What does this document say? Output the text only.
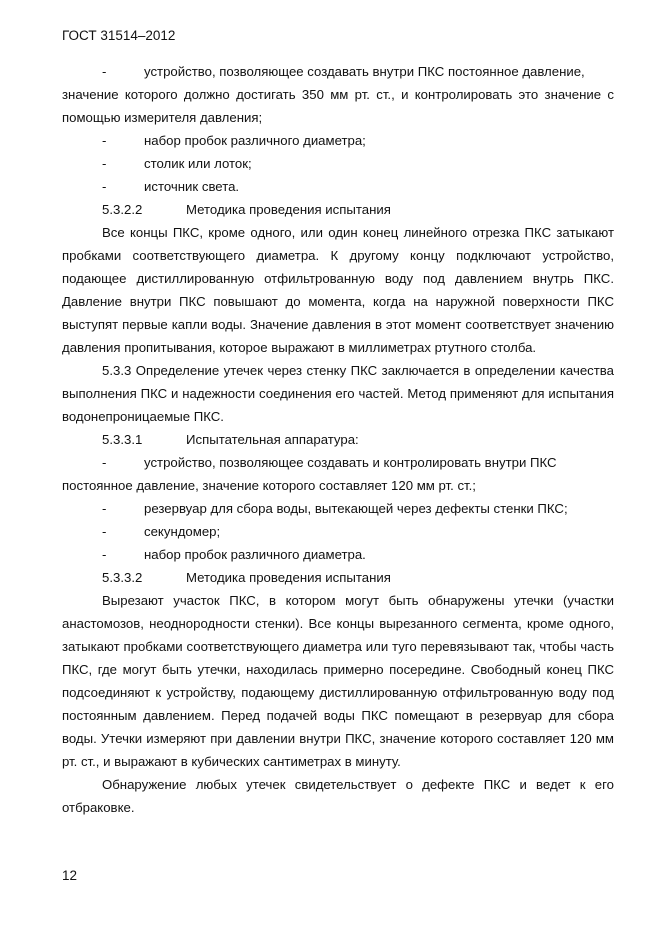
ГОСТ 31514–2012

-	устройство, позволяющее создавать внутри ПКС постоянное давление,

значение которого должно достигать 350 мм рт. ст., и контролировать это значение с помощью измерителя давления;

-	набор пробок различного диаметра;

-	столик или лоток;

-	источник света.

5.3.2.2	Методика проведения испытания

Все концы ПКС, кроме одного, или один конец линейного отрезка ПКС затыкают пробками соответствующего диаметра. К другому концу подключают устройство, подающее дистиллированную отфильтрованную воду под давлением внутрь ПКС. Давление внутри ПКС повышают до момента, когда на наружной поверхности ПКС выступят первые капли воды. Значение давления в этот момент соответствует значению давления пропитывания, которое выражают в миллиметрах ртутного столба.

5.3.3 Определение утечек через стенку ПКС заключается в определении качества выполнения ПКС и надежности соединения его частей. Метод применяют для испытания водонепроницаемые ПКС.

5.3.3.1	Испытательная аппаратура:

-	устройство, позволяющее создавать и контролировать внутри ПКС

постоянное давление, значение которого составляет 120 мм рт. ст.;

-	резервуар для сбора воды, вытекающей через дефекты стенки ПКС;

-	секундомер;

-	набор пробок различного диаметра.

5.3.3.2	Методика проведения испытания

Вырезают участок ПКС, в котором могут быть обнаружены утечки (участки анастомозов, неоднородности стенки). Все концы вырезанного сегмента, кроме одного, затыкают пробками соответствующего диаметра или туго перевязывают так, чтобы часть ПКС, где могут быть утечки, находилась примерно посередине. Свободный конец ПКС подсоединяют к устройству, подающему дистиллированную отфильтрованную воду под постоянным давлением. Перед подачей воды ПКС помещают в резервуар для сбора воды. Утечки измеряют при давлении внутри ПКС, значение которого составляет 120 мм рт. ст., и выражают в кубических сантиметрах в минуту.

Обнаружение любых утечек свидетельствует о дефекте ПКС и ведет к его отбраковке.

12
